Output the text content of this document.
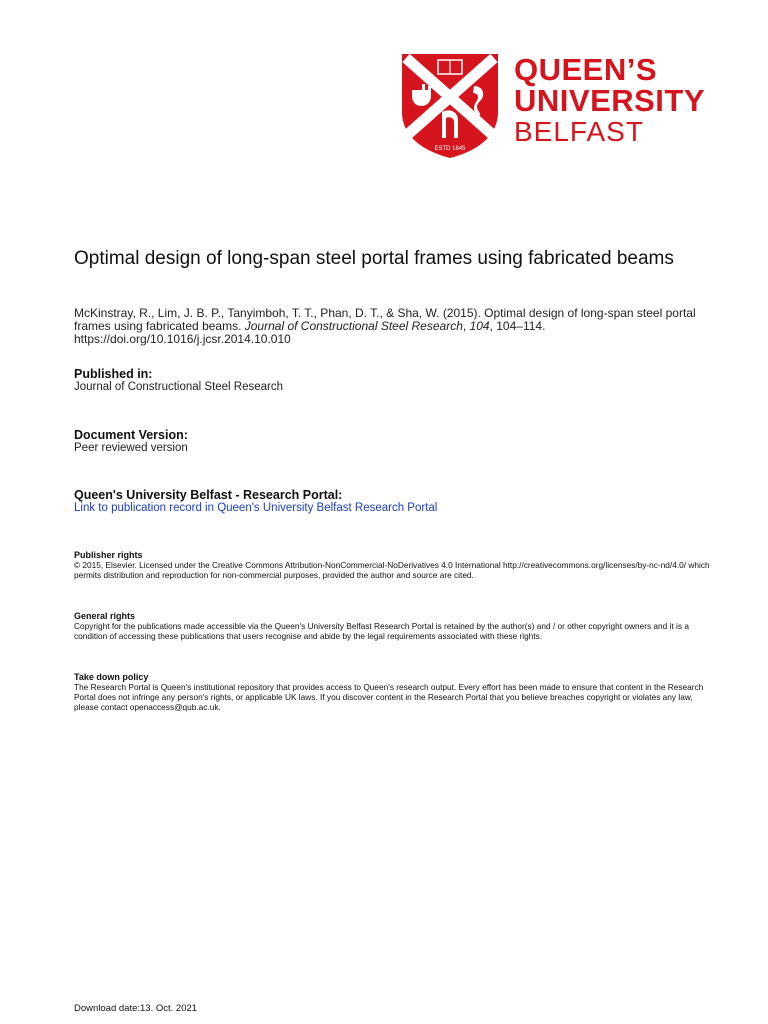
ESTD 1845
QUEEN’S
UNIVERSITY
BELFAST
Optimal design of long-span steel portal frames using fabricated beams

McKinstray, R., Lim, J. B. P., Tanyimboh, T. T., Phan, D. T., & Sha, W. (2015). Optimal design of long-span steel portal frames using fabricated beams. Journal of Constructional Steel Research, 104, 104–114.
https://doi.org/10.1016/j.jcsr.2014.10.010

Published in:
Journal of Constructional Steel Research
Document Version:
Peer reviewed version
Queen's University Belfast - Research Portal:
Link to publication record in Queen's University Belfast Research Portal
Publisher rights

© 2015, Elsevier. Licensed under the Creative Commons Attribution-NonCommercial-NoDerivatives 4.0 International http://creativecommons.org/licenses/by-nc-nd/4.0/ which permits distribution and reproduction for non-commercial purposes, provided the author and source are cited.

General rights

Copyright for the publications made accessible via the Queen's University Belfast Research Portal is retained by the author(s) and / or other copyright owners and it is a condition of accessing these publications that users recognise and abide by the legal requirements associated with these rights.

Take down policy

The Research Portal is Queen's institutional repository that provides access to Queen's research output. Every effort has been made to ensure that content in the Research Portal does not infringe any person's rights, or applicable UK laws. If you discover content in the Research Portal that you believe breaches copyright or violates any law, please contact openaccess@qub.ac.uk.

Download date:13. Oct. 2021
